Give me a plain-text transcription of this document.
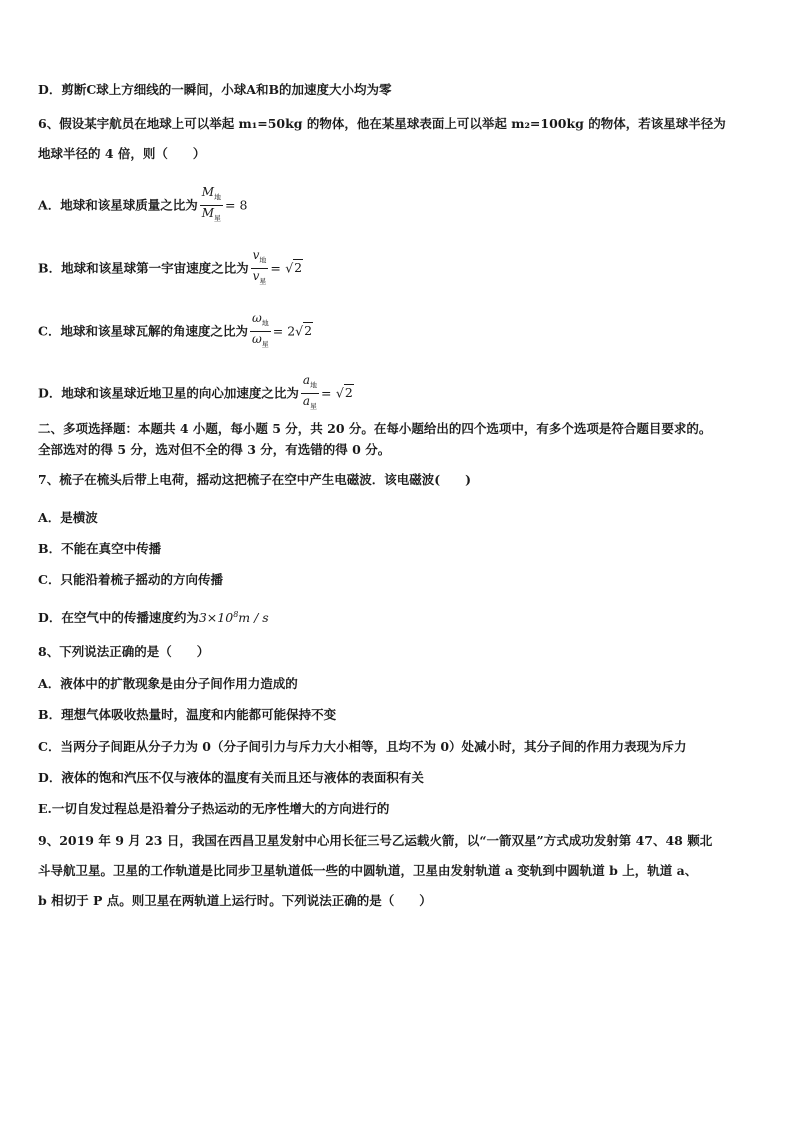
D．剪断C球上方细线的一瞬间，小球A和B的加速度大小均为零
6、假设某宇航员在地球上可以举起 m₁=50kg 的物体，他在某星球表面上可以举起 m₂=100kg 的物体，若该星球半径为
地球半径的 4 倍，则（　　）
A．地球和该星球质量之比为 $\frac{M_地}{M_星} = 8$
B．地球和该星球第一宇宙速度之比为 $\frac{v_地}{v_星} = √2$
C．地球和该星球瓦解的角速度之比为 $\frac{\omega_地}{\omega_星} = 2√2$
D．地球和该星球近地卫星的向心加速度之比为 $\frac{a_地}{a_星} = √2$
二、多项选择题：本题共 4 小题，每小题 5 分，共 20 分。在每小题给出的四个选项中，有多个选项是符合题目要求的。
全部选对的得 5 分，选对但不全的得 3 分，有选错的得 0 分。
7、梳子在梳头后带上电荷，摇动这把梳子在空中产生电磁波．该电磁波(　　)
A．是横波
B．不能在真空中传播
C．只能沿着梳子摇动的方向传播
D．在空气中的传播速度约为$3\times 10^8m / s$
8、下列说法正确的是（　　）
A．液体中的扩散现象是由分子间作用力造成的
B．理想气体吸收热量时，温度和内能都可能保持不变
C．当两分子间距从分子力为 0（分子间引力与斥力大小相等，且均不为 0）处减小时，其分子间的作用力表现为斥力
D．液体的饱和汽压不仅与液体的温度有关而且还与液体的表面积有关
E.一切自发过程总是沿着分子热运动的无序性增大的方向进行的
9、2019 年 9 月 23 日，我国在西昌卫星发射中心用长征三号乙运载火箭，以“一箭双星”方式成功发射第 47、48 颗北
斗导航卫星。卫星的工作轨道是比同步卫星轨道低一些的中圆轨道，卫星由发射轨道 a 变轨到中圆轨道 b 上，轨道 a、
b 相切于 P 点。则卫星在两轨道上运行时。下列说法正确的是（　　）
